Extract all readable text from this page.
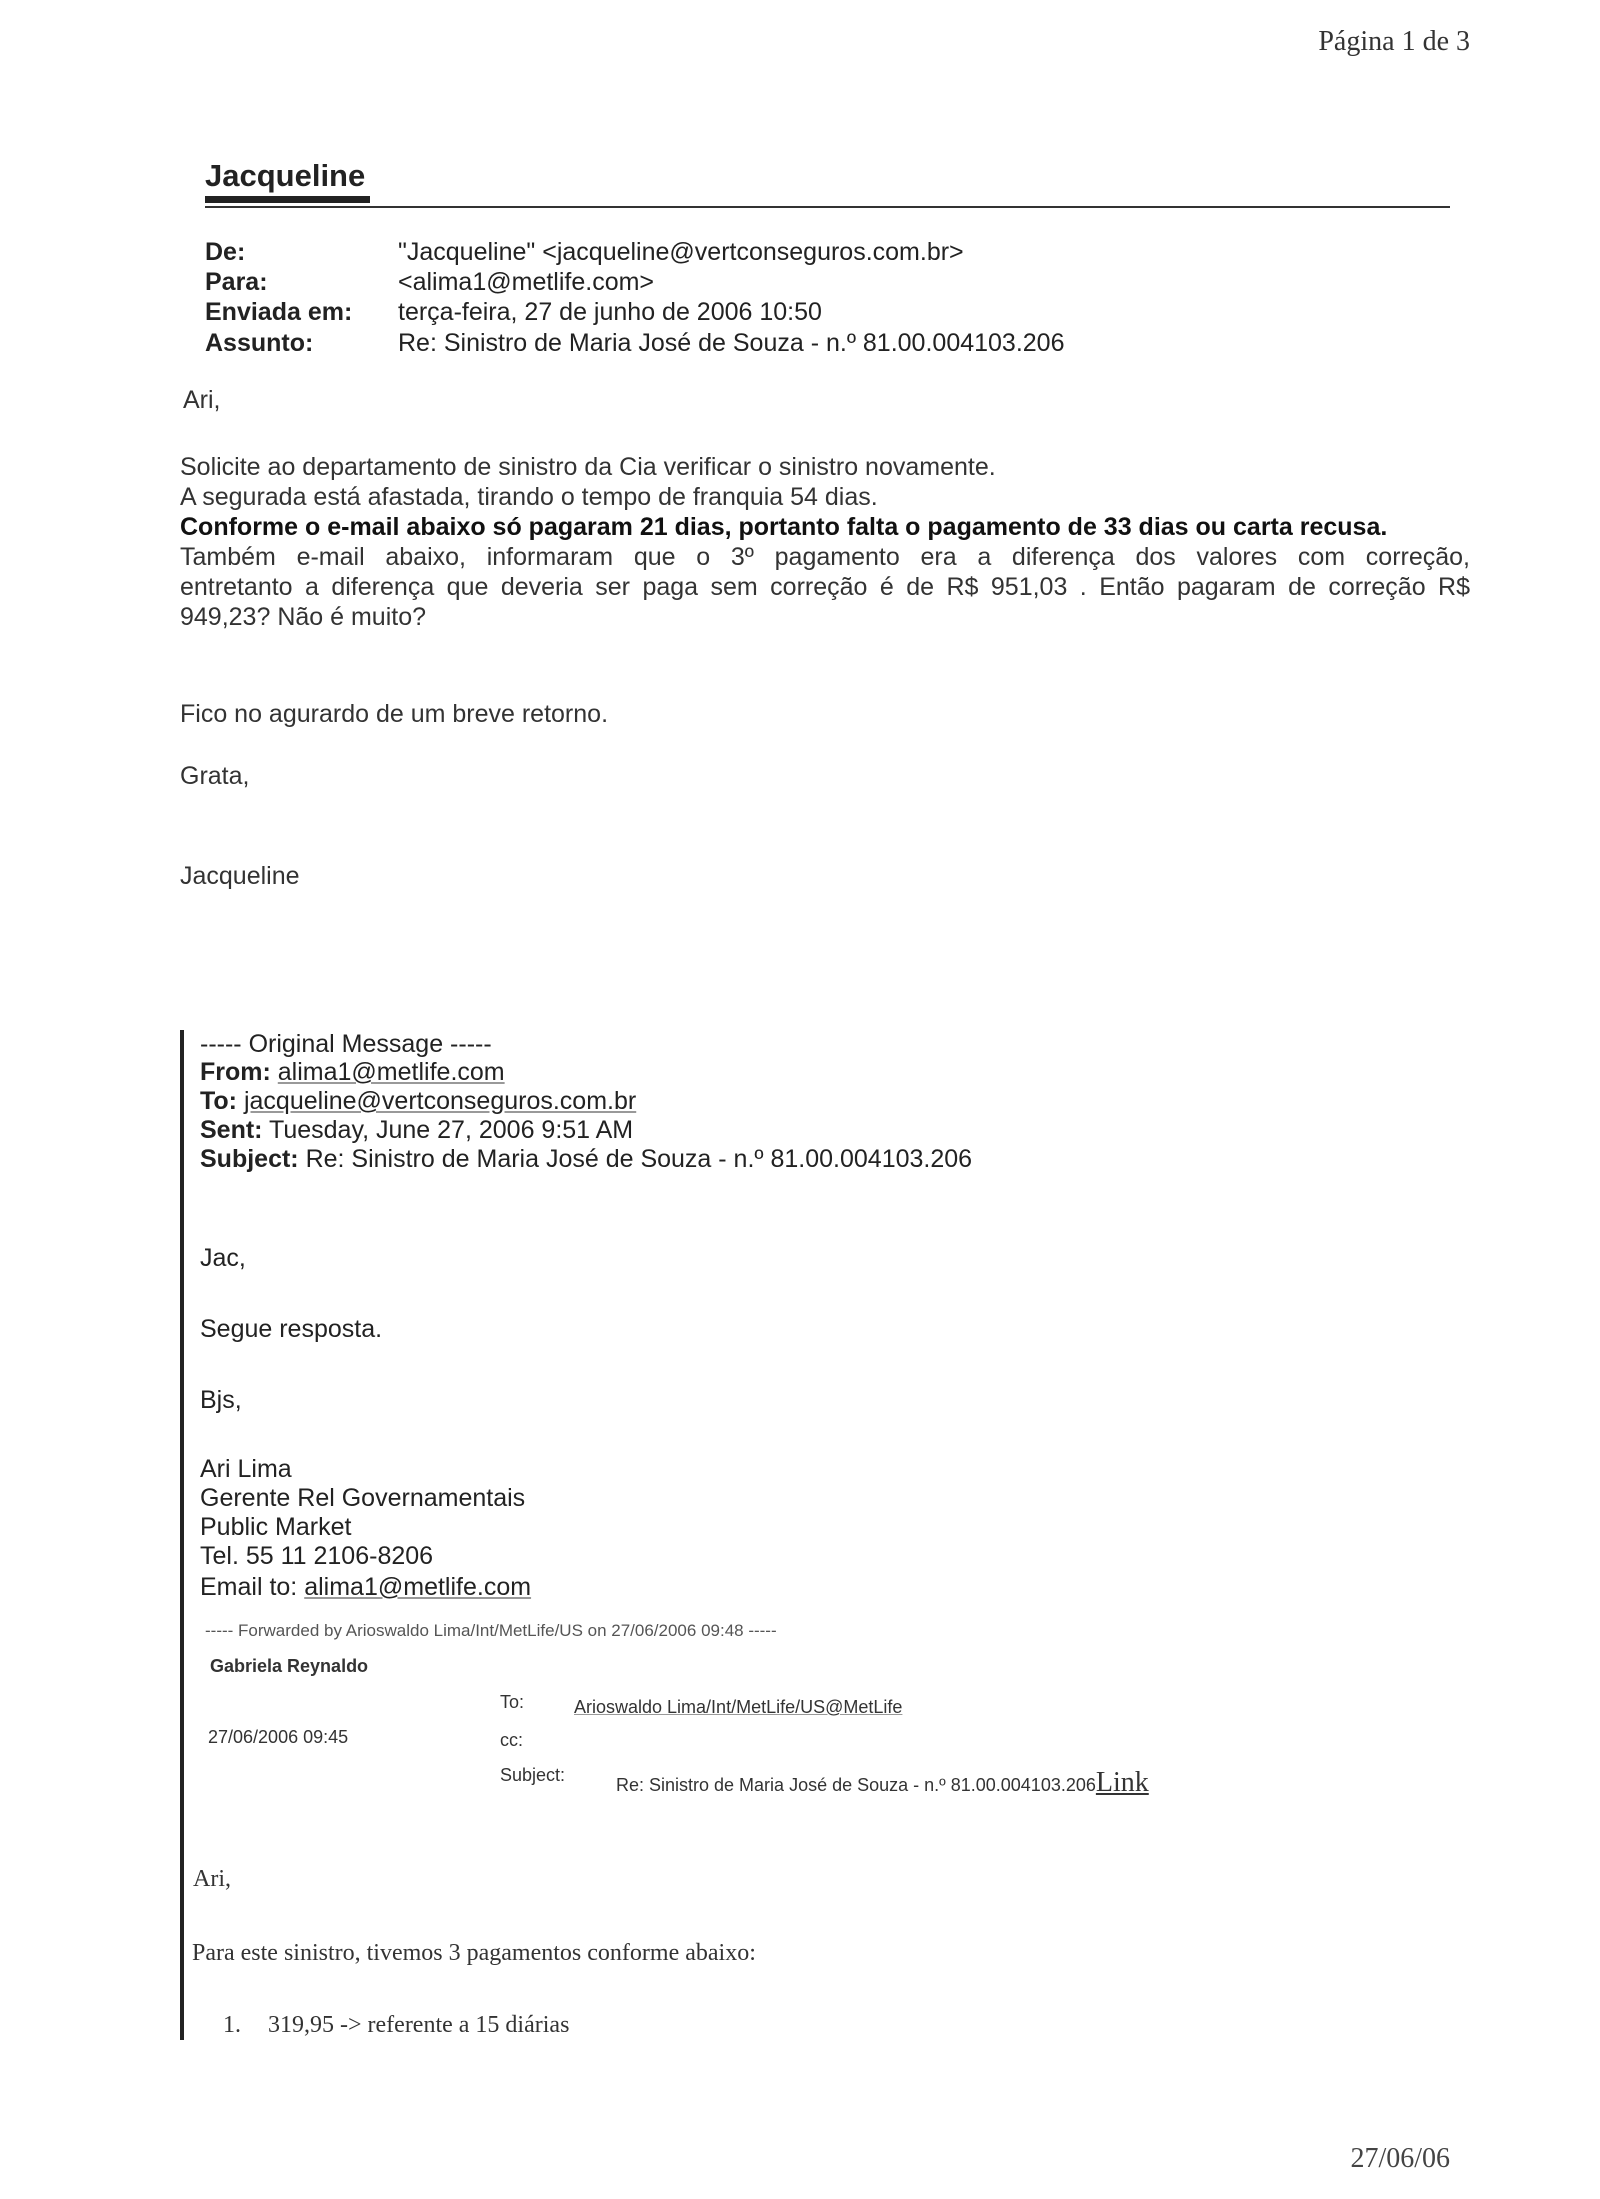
Página 1 de 3
Jacqueline
De:	"Jacqueline" <jacqueline@vertconseguros.com.br>
Para:	<alima1@metlife.com>
Enviada em: terça-feira, 27 de junho de 2006 10:50
Assunto:	Re: Sinistro de Maria José de Souza - n.º 81.00.004103.206
Ari,
Solicite ao departamento de sinistro da Cia verificar o sinistro novamente.
A segurada está afastada, tirando o tempo de franquia 54 dias.
Conforme o e-mail abaixo só pagaram 21 dias, portanto falta o pagamento de 33 dias ou carta recusa.
Também e-mail abaixo, informaram que o 3º pagamento era a diferença dos valores com correção,
entretanto a diferença que deveria ser paga sem correção é de R$ 951,03 . Então pagaram de correção R$
949,23? Não é muito?
Fico no agurardo de um breve retorno.
Grata,
Jacqueline
----- Original Message -----
From: alima1@metlife.com
To: jacqueline@vertconseguros.com.br
Sent: Tuesday, June 27, 2006 9:51 AM
Subject: Re: Sinistro de Maria José de Souza - n.º 81.00.004103.206
Jac,
Segue resposta.
Bjs,
Ari Lima
Gerente Rel Governamentais
Public Market
Tel. 55 11 2106-8206
Email to: alima1@metlife.com
----- Forwarded by Arioswaldo Lima/Int/MetLife/US on 27/06/2006 09:48 -----
Gabriela Reynaldo
27/06/2006 09:45
To:	Arioswaldo Lima/Int/MetLife/US@MetLife
cc:
Subject:	Re: Sinistro de Maria José de Souza - n.º 81.00.004103.206Link
Ari,
Para este sinistro, tivemos 3 pagamentos conforme abaixo:
1. 319,95 -> referente a 15 diárias
27/06/06
